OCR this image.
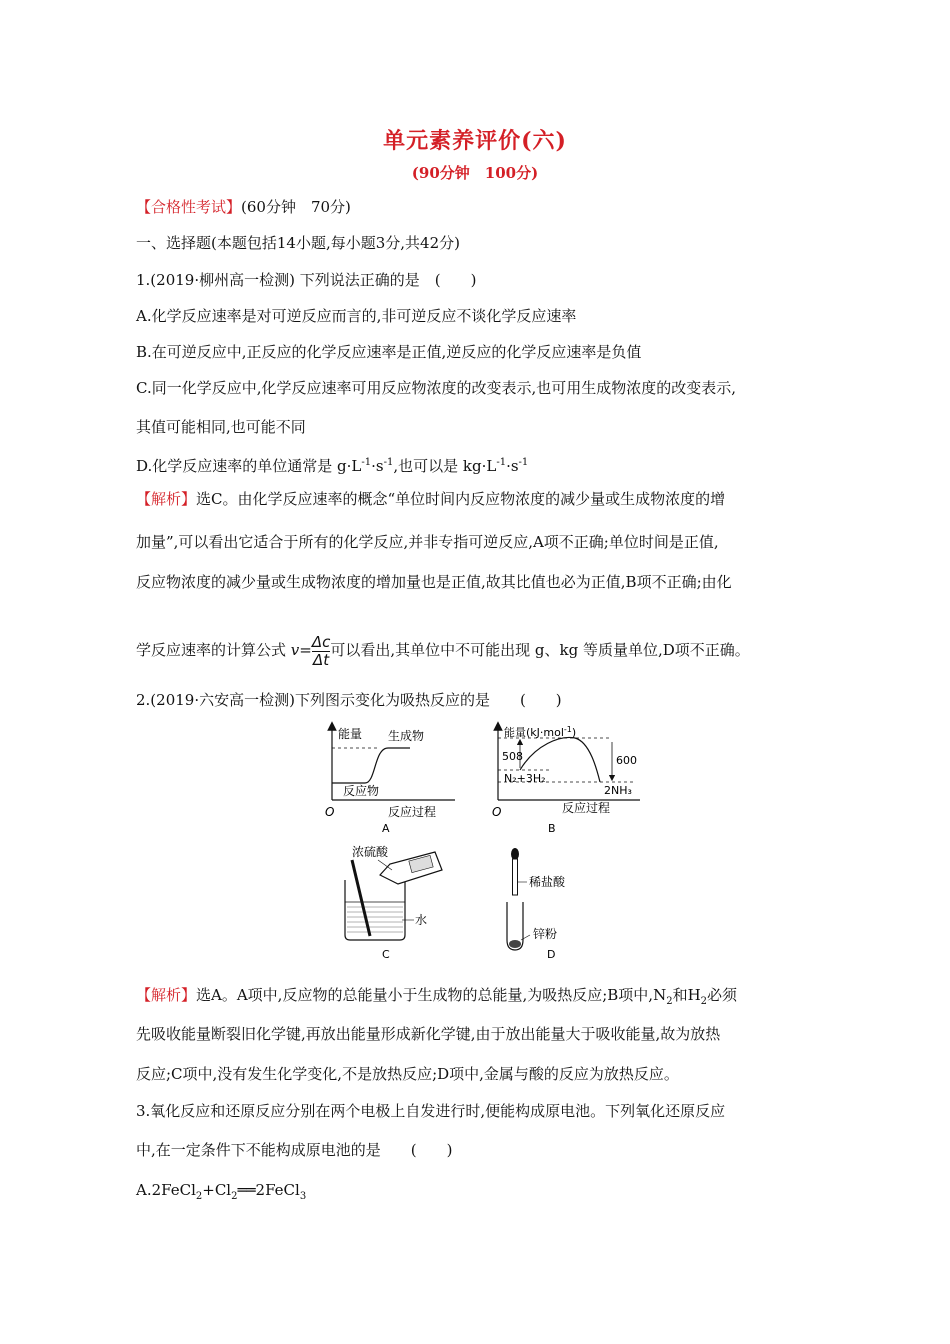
单元素养评价(六)
(90分钟　100分)
【合格性考试】(60分钟　70分)
一、选择题(本题包括14小题,每小题3分,共42分)
1.(2019·柳州高一检测) 下列说法正确的是　(　　)
A.化学反应速率是对可逆反应而言的,非可逆反应不谈化学反应速率
B.在可逆反应中,正反应的化学反应速率是正值,逆反应的化学反应速率是负值
C.同一化学反应中,化学反应速率可用反应物浓度的改变表示,也可用生成物浓度的改变表示,
其值可能相同,也可能不同
D.化学反应速率的单位通常是 $g\cdot L^{-1}\cdot s^{-1}$,也可以是 $kg\cdot L^{-1}\cdot s^{-1}$
【解析】选C。由化学反应速率的概念“单位时间内反应物浓度的减少量或生成物浓度的增
加量”,可以看出它适合于所有的化学反应,并非专指可逆反应,A项不正确;单位时间是正值,
反应物浓度的减少量或生成物浓度的增加量也是正值,故其比值也必为正值,B项不正确;由化
学反应速率的计算公式 $v= \frac{\Delta c}{\Delta t}$ 可以看出,其单位中不可能出现 g、kg 等质量单位,D项不正确。
2.(2019·六安高一检测)下列图示变化为吸热反应的是　　(　　)
能量 生成物
反应物
O	反应过程
A
能量(kJ·mol$^{-1}$)
508	600
N₂+3H₂
2NH₃
O	反应过程
B
浓硫酸
水
C
稀盐酸
锌粉
D
【解析】选A。A项中,反应物的总能量小于生成物的总能量,为吸热反应;B项中$,N_2$和$H_2$必须
先吸收能量断裂旧化学键,再放出能量形成新化学键,由于放出能量大于吸收能量,故为放热
反应;C项中,没有发生化学变化,不是放热反应;D项中,金属与酸的反应为放热反应。
3.氧化反应和还原反应分别在两个电极上自发进行时,便能构成原电池。下列氧化还原反应
中,在一定条件下不能构成原电池的是　　(　　)
$A.2FeCl_2+Cl_2══2FeCl_3$
